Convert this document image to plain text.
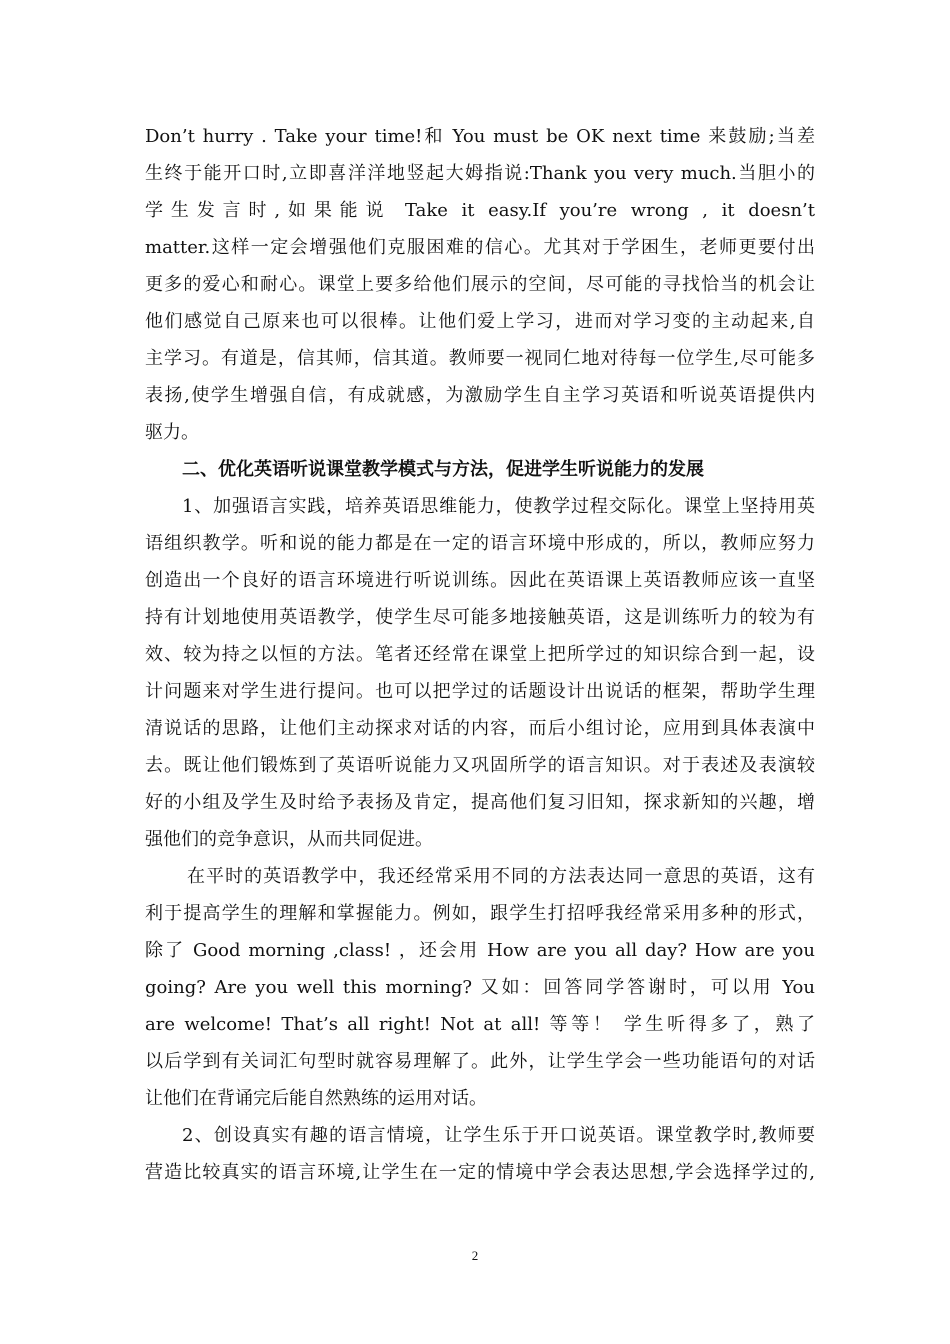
Don’t hurry . Take your time!和 You must be OK next time 来鼓励;当差
生终于能开口时,立即喜洋洋地竖起大姆指说:Thank you very much.当胆小的
学生发言时,如果能说 Take it easy.If you’re wrong , it doesn’t
matter.这样一定会增强他们克服困难的信心。尤其对于学困生，老师更要付出
更多的爱心和耐心。课堂上要多给他们展示的空间，尽可能的寻找恰当的机会让
他们感觉自己原来也可以很棒。让他们爱上学习，进而对学习变的主动起来,自
主学习。有道是，信其师，信其道。教师要一视同仁地对待每一位学生,尽可能多
表扬,使学生增强自信，有成就感，为激励学生自主学习英语和听说英语提供内
驱力。
二、优化英语听说课堂教学模式与方法，促进学生听说能力的发展
1、加强语言实践，培养英语思维能力，使教学过程交际化。课堂上坚持用英
语组织教学。听和说的能力都是在一定的语言环境中形成的，所以，教师应努力
创造出一个良好的语言环境进行听说训练。因此在英语课上英语教师应该一直坚
持有计划地使用英语教学，使学生尽可能多地接触英语，这是训练听力的较为有
效、较为持之以恒的方法。笔者还经常在课堂上把所学过的知识综合到一起，设
计问题来对学生进行提问。也可以把学过的话题设计出说话的框架，帮助学生理
清说话的思路，让他们主动探求对话的内容，而后小组讨论，应用到具体表演中
去。既让他们锻炼到了英语听说能力又巩固所学的语言知识。对于表述及表演较
好的小组及学生及时给予表扬及肯定，提高他们复习旧知，探求新知的兴趣，增
强他们的竞争意识，从而共同促进。
在平时的英语教学中，我还经常采用不同的方法表达同一意思的英语，这有
利于提高学生的理解和掌握能力。例如，跟学生打招呼我经常采用多种的形式，
除了 Good morning ,class! ，还会用 How are you all day? How are you
going? Are you well this morning? 又如：回答同学答谢时，可以用 You
are welcome! That’s all right! Not at all! 等等！ 学生听得多了，熟了
以后学到有关词汇句型时就容易理解了。此外，让学生学会一些功能语句的对话
让他们在背诵完后能自然熟练的运用对话。
2、创设真实有趣的语言情境，让学生乐于开口说英语。课堂教学时,教师要
营造比较真实的语言环境,让学生在一定的情境中学会表达思想,学会选择学过的,
2
